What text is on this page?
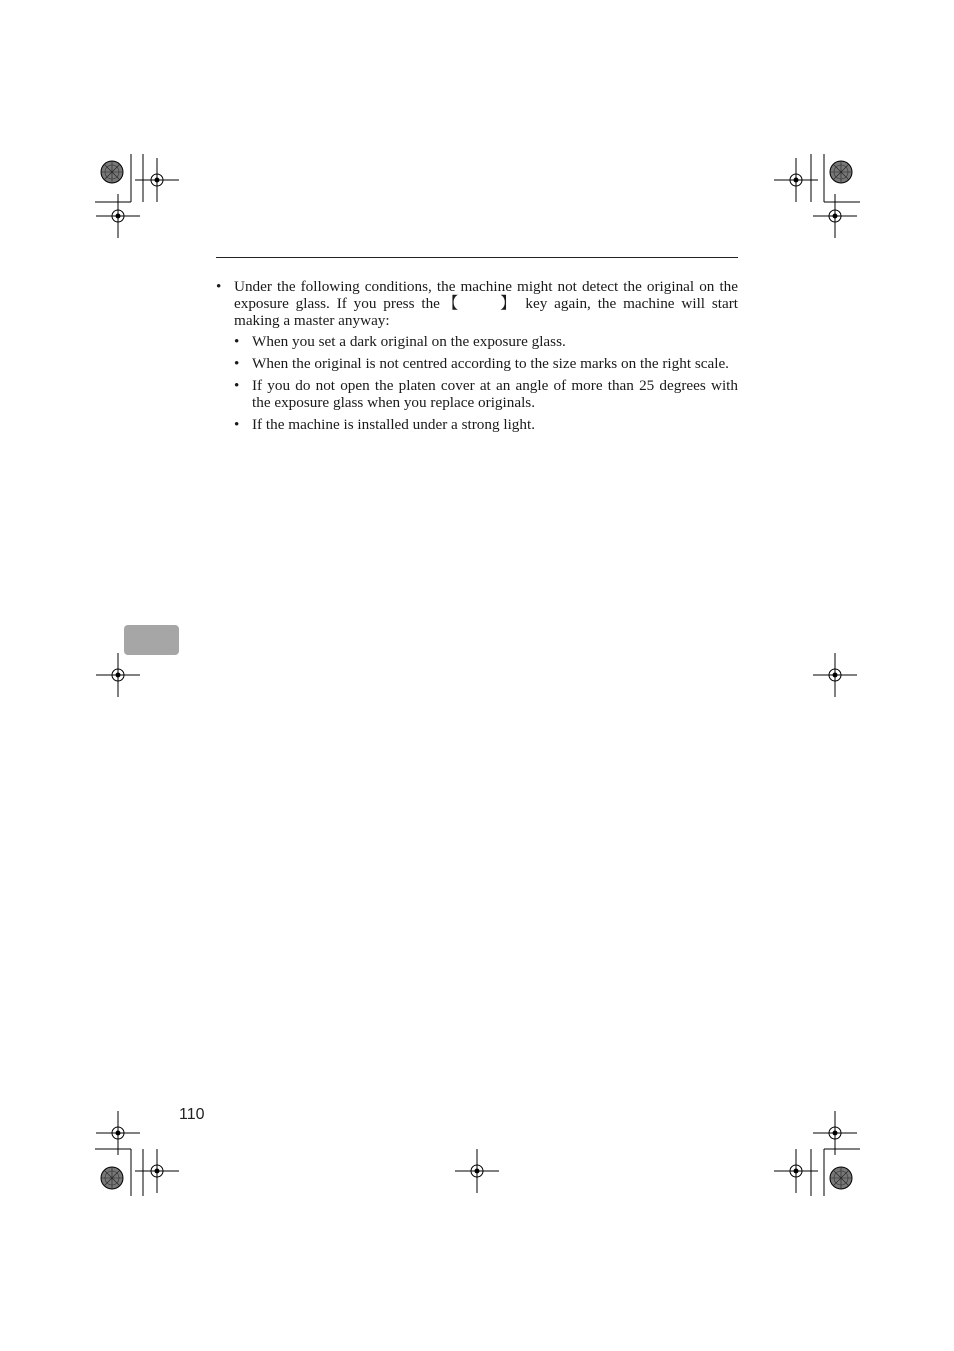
• Under the following conditions, the machine might not detect the original on the exposure glass. If you press the【 】 key again, the machine will start making a master anyway:
• When you set a dark original on the exposure glass.
• When the original is not centred according to the size marks on the right scale.
• If you do not open the platen cover at an angle of more than 25 degrees with the exposure glass when you replace originals.
• If the machine is installed under a strong light.
110
